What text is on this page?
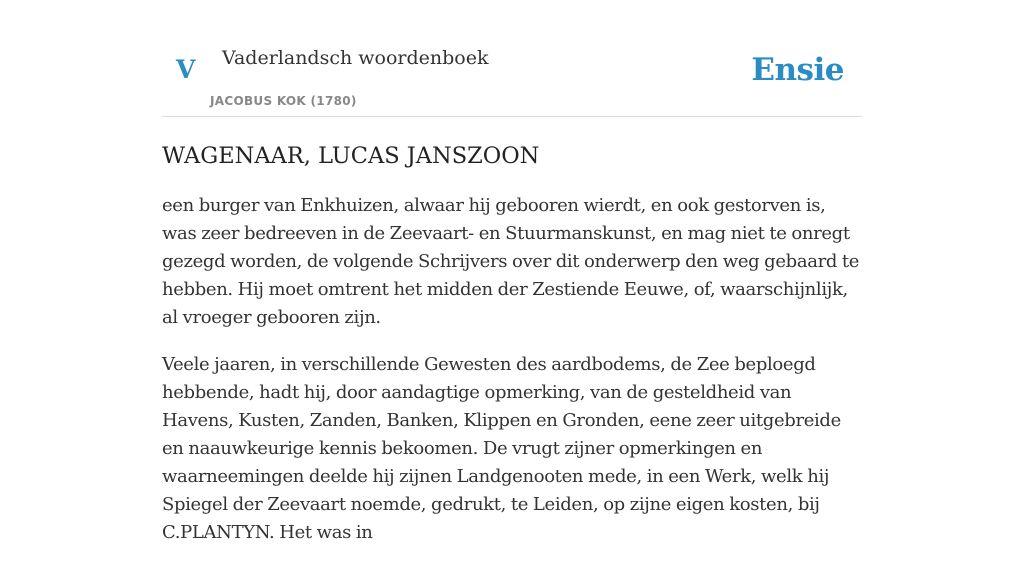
V Vaderlandsch woordenboek
JACOBUS KOK (1780)
Ensie
WAGENAAR, LUCAS JANSZOON

een burger van Enkhuizen, alwaar hij gebooren wierdt, en ook gestorven is, was zeer bedreeven in de Zeevaart- en Stuurmanskunst, en mag niet te onregt gezegd worden, de volgende Schrijvers over dit onderwerp den weg gebaard te hebben. Hij moet omtrent het midden der Zestiende Eeuwe, of, waarschijnlijk, al vroeger gebooren zijn.

Veele jaaren, in verschillende Gewesten des aardbodems, de Zee beploegd hebbende, hadt hij, door aandagtige opmerking, van de gesteldheid van Havens, Kusten, Zanden, Banken, Klippen en Gronden, eene zeer uitgebreide en naauwkeurige kennis bekoomen. De vrugt zijner opmerkingen en waarneemingen deelde hij zijnen Landgenooten mede, in een Werk, welk hij Spiegel der Zeevaart noemde, gedrukt, te Leiden, op zijne eigen kosten, bij C.PLANTYN. Het was in
